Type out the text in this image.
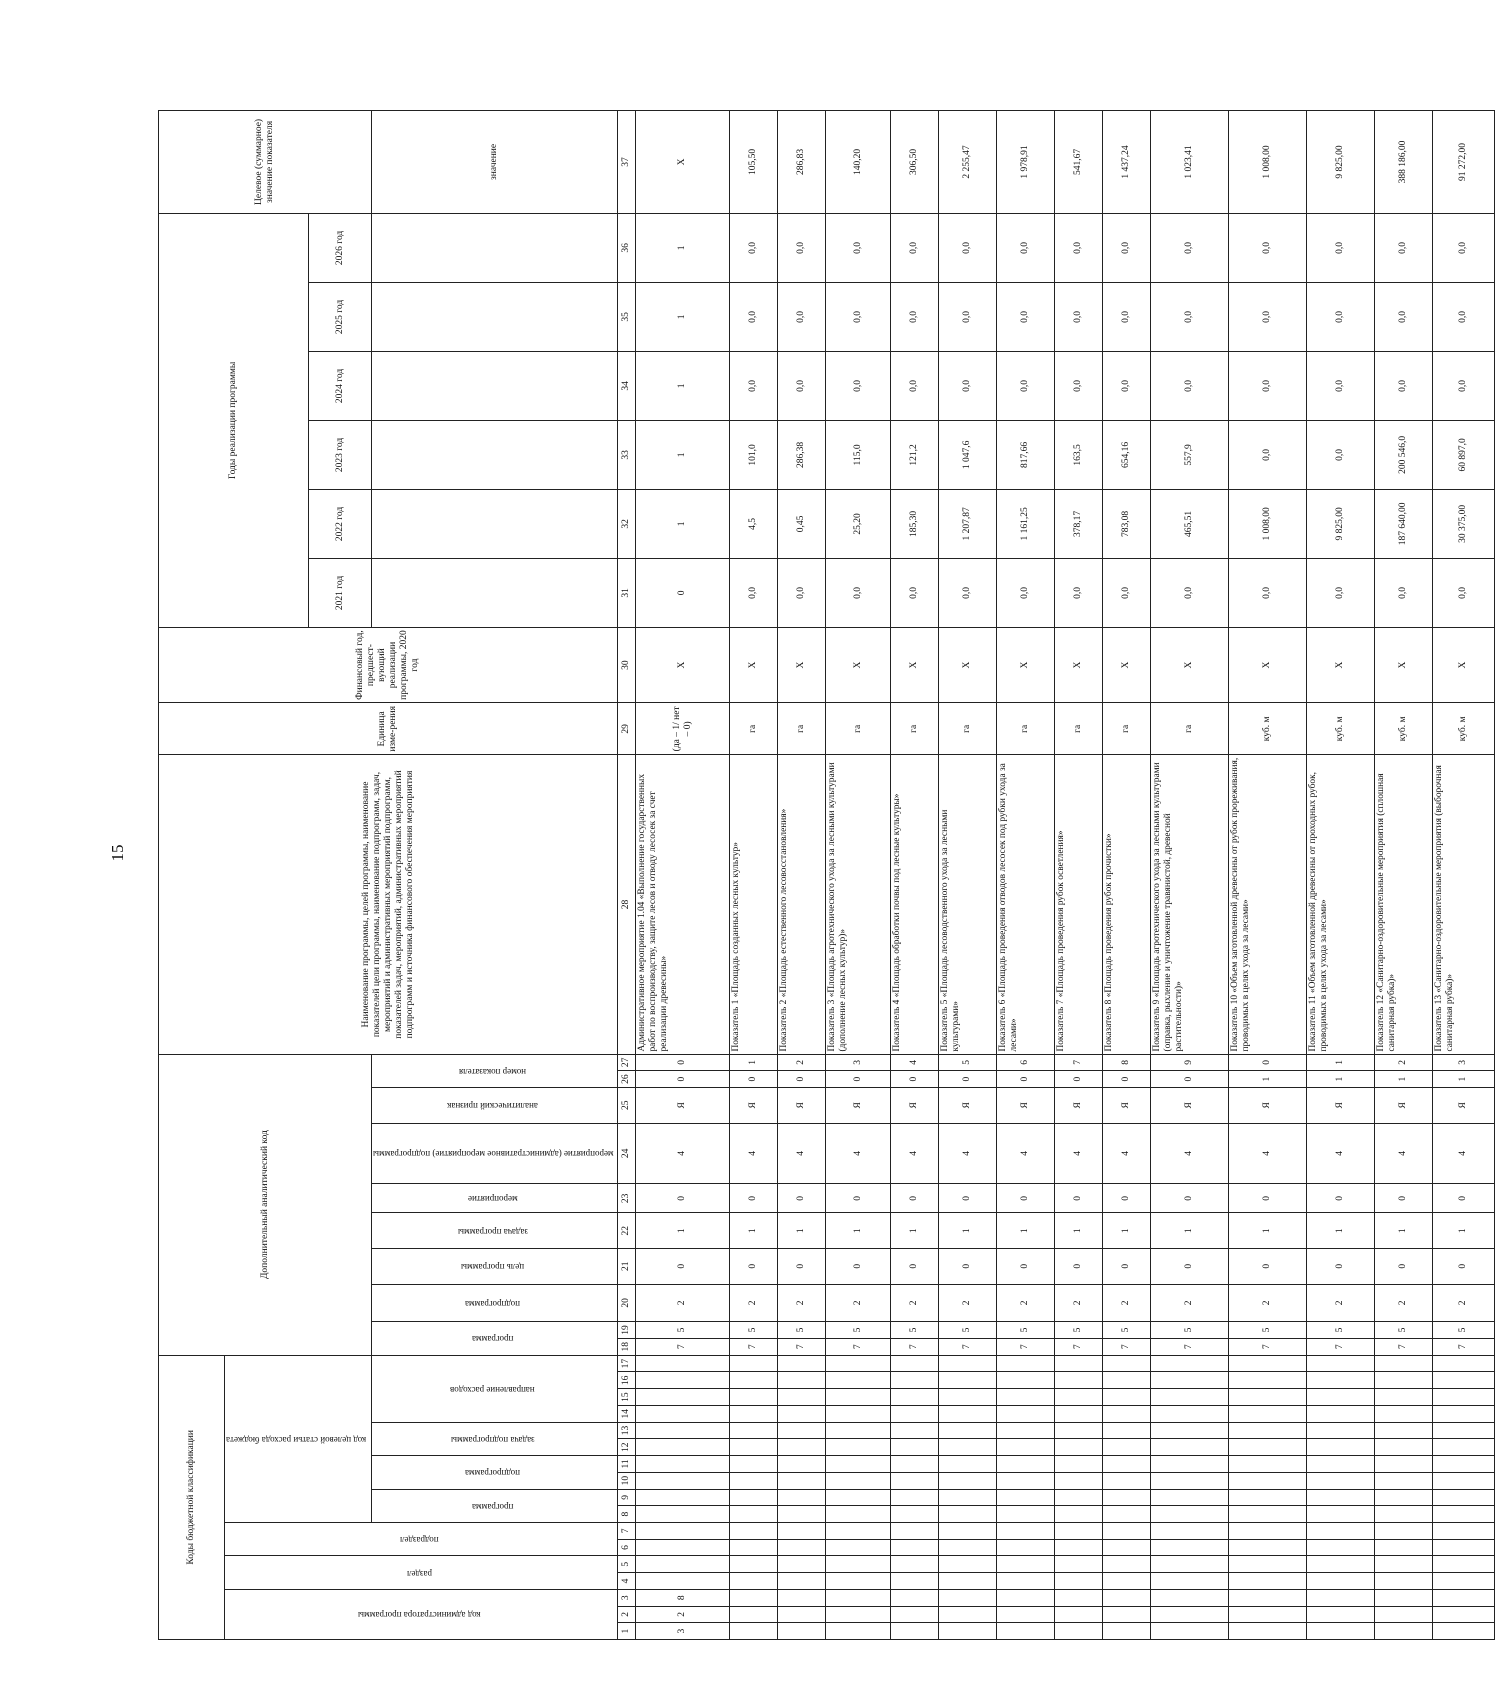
15
Коды бюджетной классификации																	Дополнительный аналитический код										Наименование программы, целей программы, наименование показателей цели программы, наименование подпрограмм, задач, мероприятий и административных мероприятий подпрограмм, показателей задач, мероприятий, административных мероприятий подпрограмм и источника финансового обеспечения мероприятия	Единица изме-рения	Финансовый год, предшест-вующий реализации программы, 2020 год	Годы реализации программы						Целевое (суммарное) значение показателя
код администратора программы			раздел		подраздел		код целевой статьи расхода бюджета																													
																														2021 год	2022 год	2023 год	2024 год	2025 год	2026 год	
							программа		подпрограмма		задача подпрограммы		направление расходов				программа		подпрограмма	цель программы	задача программы	мероприятие	мероприятие (административное мероприятие) подпрограммы	аналитический признак	номер показателя											
																																				значение
1	2	3	4	5	6	7	8	9	10	11	12	13	14	15	16	17	18	19	20	21	22	23	24	25	26	27	28	29	30	31	32	33	34	35	36	37
3	2	8															7	5	2	0	1	0	4	Я	0	0	Административное мероприятие 1.04 «Выполнение государственных работ по воспроизводству, защите лесов и отводу лесосек за счет реализации древесины»	(да – 1/ нет – 0)	X	0	1	1	1	1	1	X
																	7	5	2	0	1	0	4	Я	0	1	Показатель 1 «Площадь созданных лесных культур»	га	X	0,0	4,5	101,0	0,0	0,0	0,0	105,50
																	7	5	2	0	1	0	4	Я	0	2	Показатель 2 «Площадь естественного лесовосстановления»	га	X	0,0	0,45	286,38	0,0	0,0	0,0	286,83
																	7	5	2	0	1	0	4	Я	0	3	Показатель 3 «Площадь агротехнического ухода за лесными культурами (дополнение лесных культур)»	га	X	0,0	25,20	115,0	0,0	0,0	0,0	140,20
																	7	5	2	0	1	0	4	Я	0	4	Показатель 4 «Площадь обработки почвы под лесные культуры»	га	X	0,0	185,30	121,2	0,0	0,0	0,0	306,50
																	7	5	2	0	1	0	4	Я	0	5	Показатель 5 «Площадь лесоводственного ухода за лесными культурами»	га	X	0,0	1 207,87	1 047,6	0,0	0,0	0,0	2 255,47
																	7	5	2	0	1	0	4	Я	0	6	Показатель 6 «Площадь проведения отводов лесосек под рубки ухода за лесами»	га	X	0,0	1 161,25	817,66	0,0	0,0	0,0	1 978,91
																	7	5	2	0	1	0	4	Я	0	7	Показатель 7 «Площадь проведения рубок осветления»	га	X	0,0	378,17	163,5	0,0	0,0	0,0	541,67
																	7	5	2	0	1	0	4	Я	0	8	Показатель 8 «Площадь проведения рубок прочистки»	га	X	0,0	783,08	654,16	0,0	0,0	0,0	1 437,24
																	7	5	2	0	1	0	4	Я	0	9	Показатель 9 «Площадь агротехнического ухода за лесными культурами (оправка, рыхление и уничтожение травянистой, древесной растительности)»	га	X	0,0	465,51	557,9	0,0	0,0	0,0	1 023,41
																	7	5	2	0	1	0	4	Я	1	0	Показатель 10 «Объем заготовленной древесины от рубок прореживания, проводимых в целях ухода за лесами»	куб. м	X	0,0	1 008,00	0,0	0,0	0,0	0,0	1 008,00
																	7	5	2	0	1	0	4	Я	1	1	Показатель 11 «Объем заготовленной древесины от проходных рубок, проводимых в целях ухода за лесами»	куб. м	X	0,0	9 825,00	0,0	0,0	0,0	0,0	9 825,00
																	7	5	2	0	1	0	4	Я	1	2	Показатель 12 «Санитарно-оздоровительные мероприятия (сплошная санитарная рубка)»	куб. м	X	0,0	187 640,00	200 546,0	0,0	0,0	0,0	388 186,00
																	7	5	2	0	1	0	4	Я	1	3	Показатель 13 «Санитарно-оздоровительные мероприятия (выборочная санитарная рубка)»	куб. м	X	0,0	30 375,00	60 897,0	0,0	0,0	0,0	91 272,00
